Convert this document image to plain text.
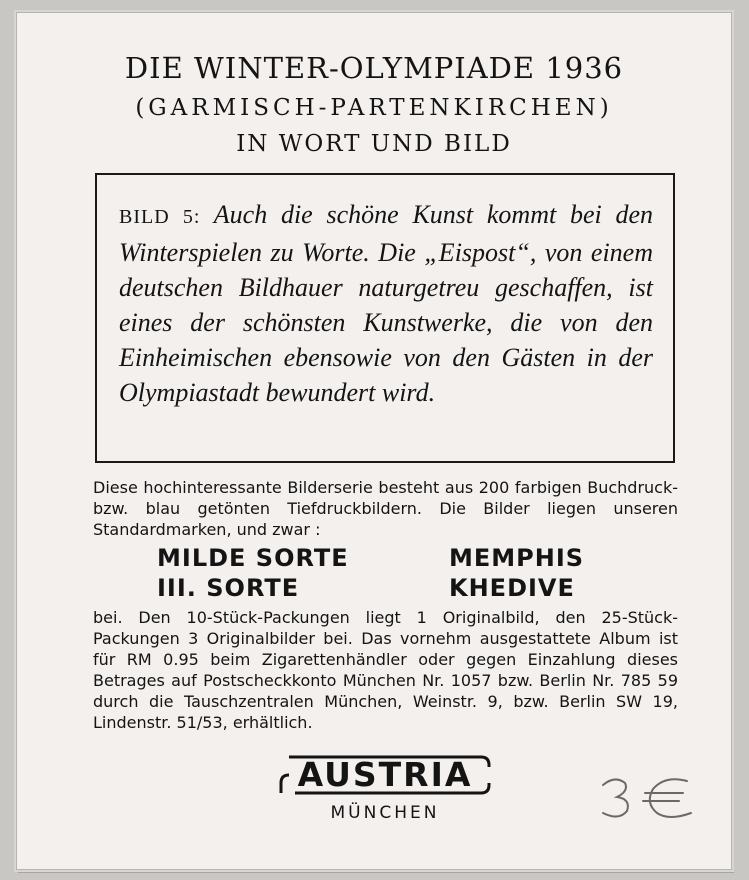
DIE WINTER-OLYMPIADE 1936
(GARMISCH-PARTENKIRCHEN)
IN WORT UND BILD
BILD 5: Auch die schöne Kunst kommt bei den Winterspielen zu Worte. Die „Eispost“, von einem deutschen Bildhauer naturgetreu geschaffen, ist eines der schönsten Kunstwerke, die von den Einheimischen ebensowie von den Gästen in der Olympiastadt bewundert wird.
Diese hochinteressante Bilderserie besteht aus 200 farbigen Buchdruck- bzw. blau getönten Tiefdruckbildern. Die Bilder liegen unseren Standardmarken, und zwar :
MILDE SORTE	MEMPHIS
III. SORTE	KHEDIVE
bei. Den 10-Stück-Packungen liegt 1 Originalbild, den 25-Stück-Packungen 3 Originalbilder bei. Das vornehm ausgestattete Album ist für RM 0.95 beim Zigarettenhändler oder gegen Einzahlung dieses Betrages auf Postscheckkonto München Nr. 1057 bzw. Berlin Nr. 785 59 durch die Tauschzentralen München, Weinstr. 9, bzw. Berlin SW 19, Lindenstr. 51/53, erhältlich.
AUSTRIA
MÜNCHEN
